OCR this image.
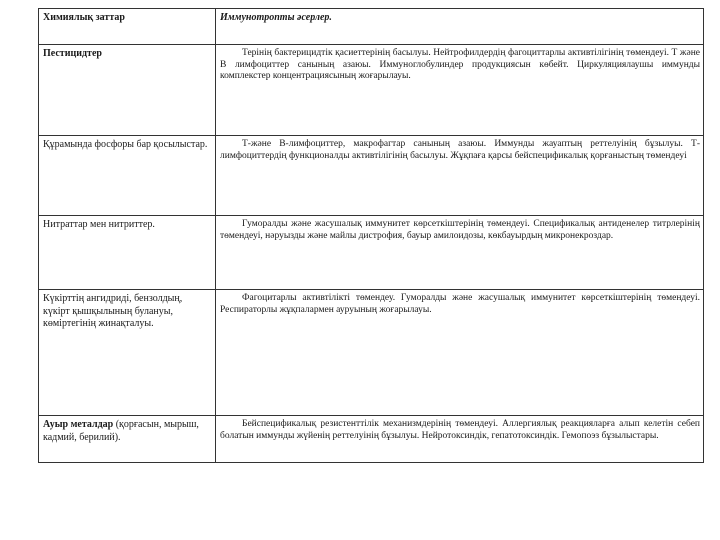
Химиялық заттар	Иммунотропты әсерлер.
Пестицидтер	Терінің бактерицидтік қасиеттерінің басылуы. Нейтрофилдердің фагоциттарлы активтілігінің төмендеуі. Т және В лимфоциттер санының азаюы. Иммуноглобулиндер продукциясын көбейт. Циркуляциялаушы иммунды комплекстер концентрациясының жоғарылауы.
Құрамында фосфоры бар қосылыстар.	Т-және В-лимфоциттер, макрофагтар санының азаюы. Иммунды жауаптың реттелуінің бұзылуы. Т-лимфоциттердің функционалды активтілігінің басылуы. Жұқпаға қарсы бейспецификалық қорғаныстың төмендеуі
Нитраттар мен нитриттер.	Гуморалды және жасушалық иммунитет көрсеткіштерінің төмендеуі. Спецификалық антиденелер титрлерінің төмендеуі, нәруызды және майлы дистрофия, бауыр амилоидозы, көкбауырдың микронекроздар.
Күкірттің ангидриді, бензолдың, күкірт қышқылының булануы, көміртегінің жинақталуы.	Фагоцитарлы активтілікті төмендеу. Гуморалды және жасушалық иммунитет көрсеткіштерінің төмендеуі. Респираторлы жұқпалармен ауруының жоғарылауы.
Ауыр металдар (қорғасын, мырыш, кадмий, берилий).	Бейспецификалық резистенттілік механизмдерінің төмендеуі. Аллергиялық реакцияларға алып келетін себеп болатын иммунды жүйенің реттелуінің бұзылуы. Нейротоксиндік, гепатотоксиндік. Гемопоэз бұзылыстары.
